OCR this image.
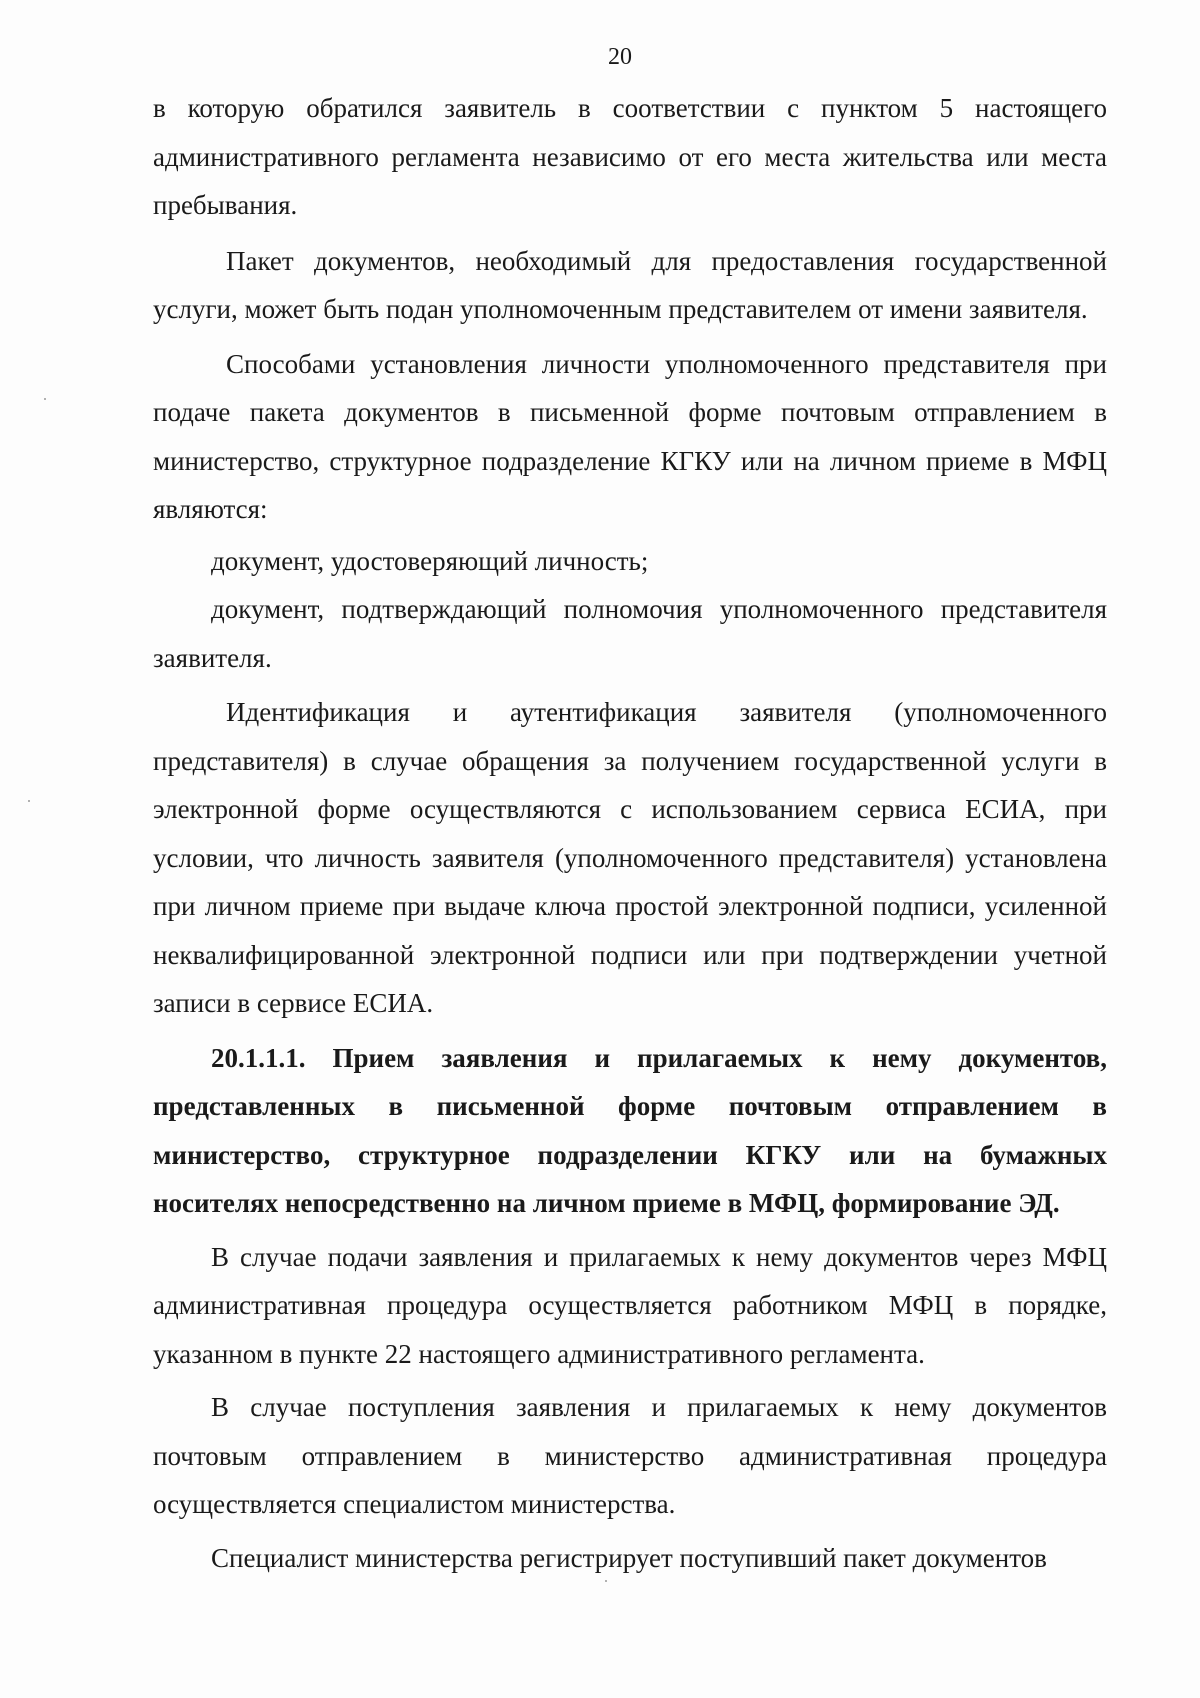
20

в которую обратился заявитель в соответствии с пунктом 5 настоящего административного регламента независимо от его места жительства или места пребывания.

Пакет документов, необходимый для предоставления государственной услуги, может быть подан уполномоченным представителем от имени заявителя.

Способами установления личности уполномоченного представителя при подаче пакета документов в письменной форме почтовым отправлением в министерство, структурное подразделение КГКУ или на личном приеме в МФЦ являются:

документ, удостоверяющий личность;

документ, подтверждающий полномочия уполномоченного представителя заявителя.

Идентификация и аутентификация заявителя (уполномоченного представителя) в случае обращения за получением государственной услуги в электронной форме осуществляются с использованием сервиса ЕСИА, при условии, что личность заявителя (уполномоченного представителя) установлена при личном приеме при выдаче ключа простой электронной подписи, усиленной неквалифицированной электронной подписи или при подтверждении учетной записи в сервисе ЕСИА.

20.1.1.1. Прием заявления и прилагаемых к нему документов, представленных в письменной форме почтовым отправлением в министерство, структурное подразделении КГКУ или на бумажных носителях непосредственно на личном приеме в МФЦ, формирование ЭД.

В случае подачи заявления и прилагаемых к нему документов через МФЦ административная процедура осуществляется работником МФЦ в порядке, указанном в пункте 22 настоящего административного регламента.

В случае поступления заявления и прилагаемых к нему документов почтовым отправлением в министерство административная процедура осуществляется специалистом министерства.

Специалист министерства регистрирует поступивший пакет документов
